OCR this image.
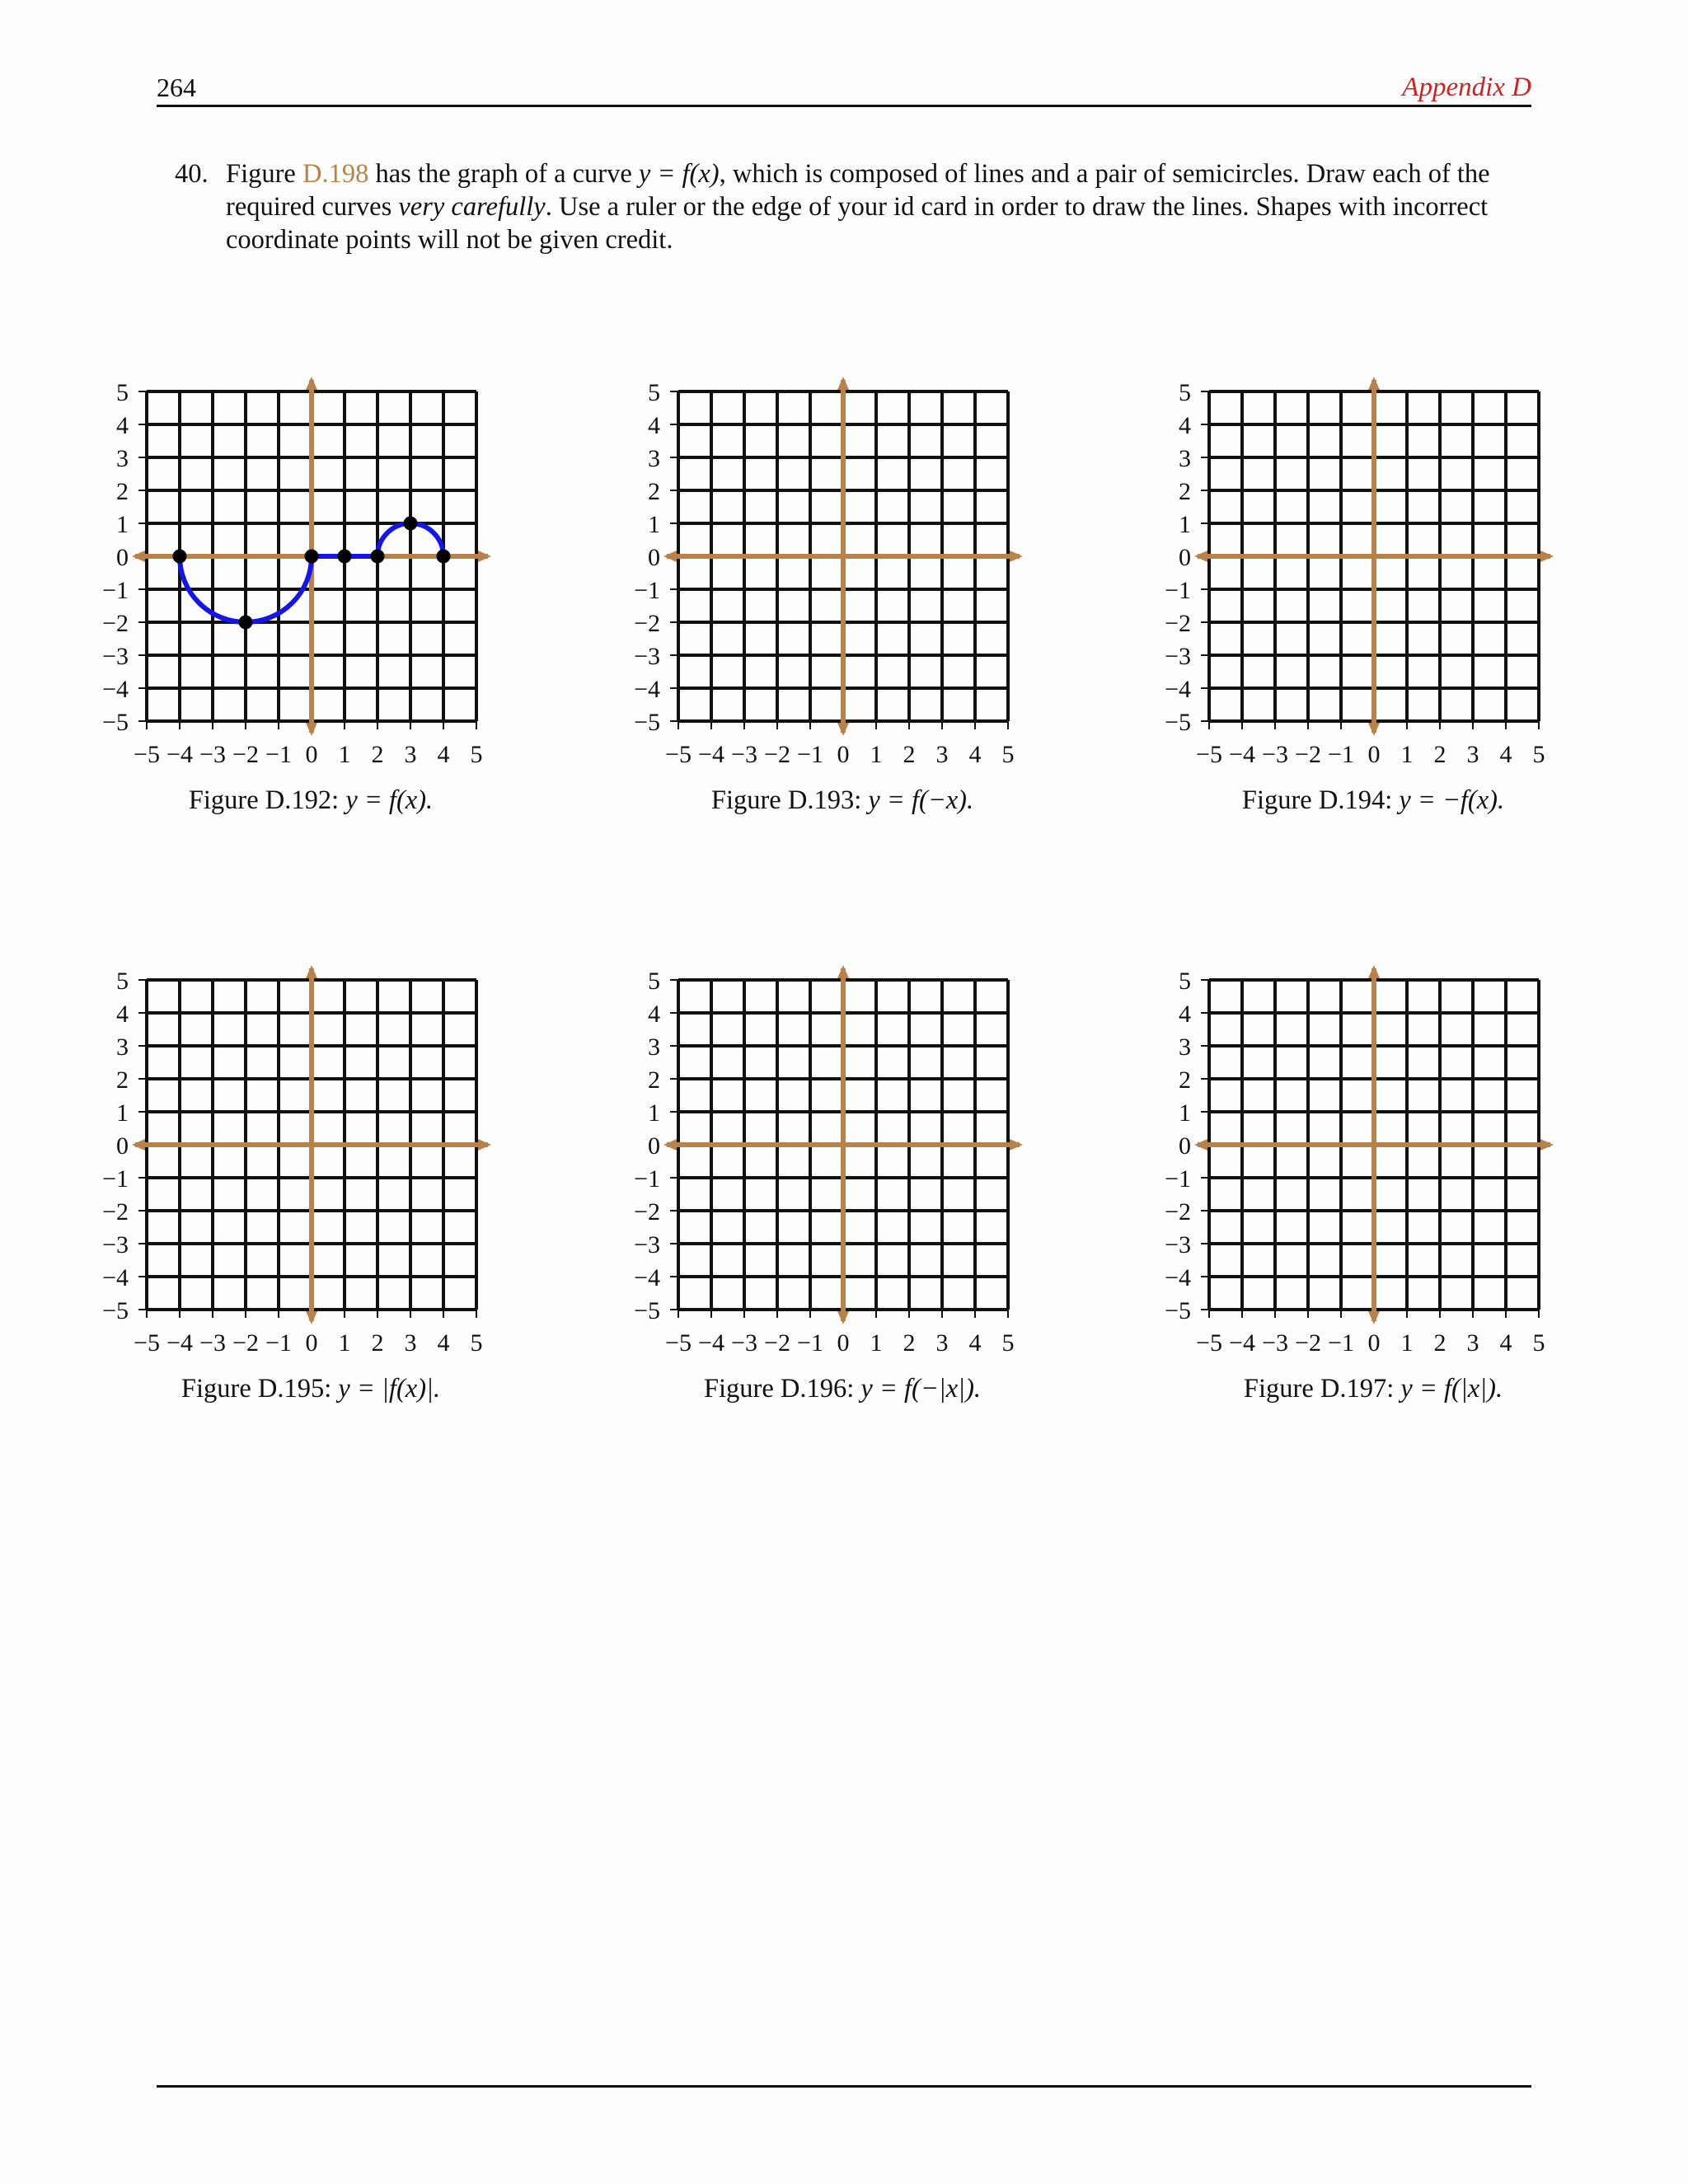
264	Appendix D
40. Figure D.198 has the graph of a curve y = f(x), which is composed of lines and a pair of semicircles. Draw each of the required curves very carefully. Use a ruler or the edge of your id card in order to draw the lines. Shapes with incorrect coordinate points will not be given credit.
5
4
3
2
1
0
−1
−2
−3
−4
−5
−5 −4 −3 −2 −1 0 1 2 3 4 5
5
4
3
2
1
0
−1
−2
−3
−4
−5
−5 −4 −3 −2 −1 0 1 2 3 4 5
5
4
3
2
1
0
−1
−2
−3
−4
−5
−5 −4 −3 −2 −1 0 1 2 3 4 5
5
4
3
2
1
0
−1
−2
−3
−4
−5
−5 −4 −3 −2 −1 0 1 2 3 4 5
5
4
3
2
1
0
−1
−2
−3
−4
−5
−5 −4 −3 −2 −1 0 1 2 3 4 5
5
4
3
2
1
0
−1
−2
−3
−4
−5
−5 −4 −3 −2 −1 0 1 2 3 4 5
Figure D.192: y = f(x).	Figure D.193: y = f(−x).	Figure D.194: y = −f(x).
Figure D.195: y = |f(x)|.	Figure D.196: y = f(−|x|).	Figure D.197: y = f(|x|).
